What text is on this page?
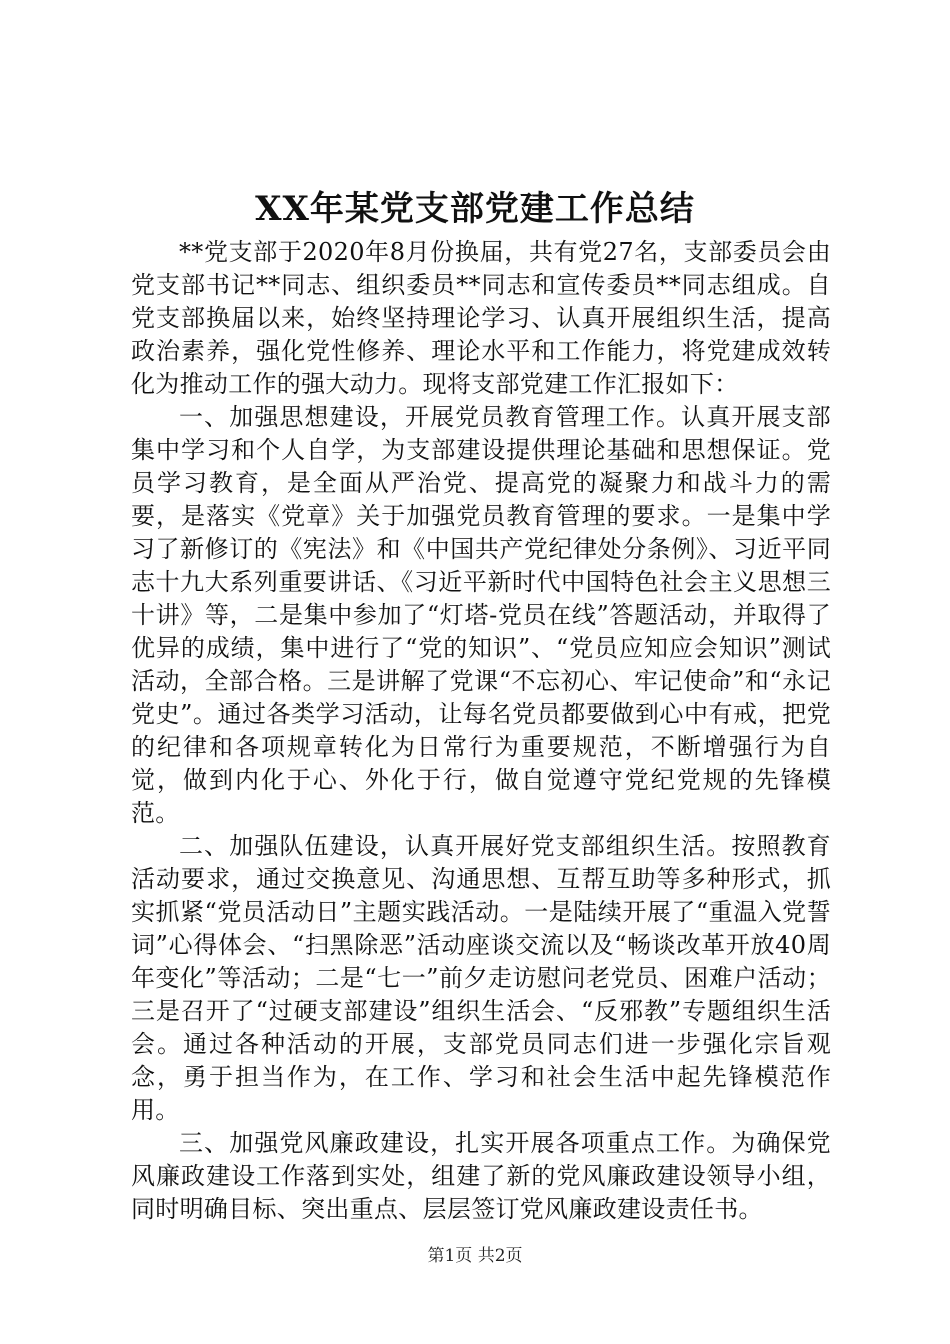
XX年某党支部党建工作总结

**党支部于2020年8月份换届，共有党27名，支部委员会由党支部书记**同志、组织委员**同志和宣传委员**同志组成。自党支部换届以来，始终坚持理论学习、认真开展组织生活，提高政治素养，强化党性修养、理论水平和工作能力，将党建成效转化为推动工作的强大动力。现将支部党建工作汇报如下：

一、加强思想建设，开展党员教育管理工作。认真开展支部集中学习和个人自学，为支部建设提供理论基础和思想保证。党员学习教育，是全面从严治党、提高党的凝聚力和战斗力的需要，是落实《党章》关于加强党员教育管理的要求。一是集中学习了新修订的《宪法》和《中国共产党纪律处分条例》、习近平同志十九大系列重要讲话、《习近平新时代中国特色社会主义思想三十讲》等，二是集中参加了“灯塔-党员在线”答题活动，并取得了优异的成绩，集中进行了“党的知识”、“党员应知应会知识”测试活动，全部合格。三是讲解了党课“不忘初心、牢记使命”和“永记党史”。通过各类学习活动，让每名党员都要做到心中有戒，把党的纪律和各项规章转化为日常行为重要规范，不断增强行为自觉，做到内化于心、外化于行，做自觉遵守党纪党规的先锋模范。

二、加强队伍建设，认真开展好党支部组织生活。按照教育活动要求，通过交换意见、沟通思想、互帮互助等多种形式，抓实抓紧“党员活动日”主题实践活动。一是陆续开展了“重温入党誓词”心得体会、“扫黑除恶”活动座谈交流以及“畅谈改革开放40周年变化”等活动；二是“七一”前夕走访慰问老党员、困难户活动；三是召开了“过硬支部建设”组织生活会、“反邪教”专题组织生活会。通过各种活动的开展，支部党员同志们进一步强化宗旨观念，勇于担当作为，在工作、学习和社会生活中起先锋模范作用。

三、加强党风廉政建设，扎实开展各项重点工作。为确保党风廉政建设工作落到实处，组建了新的党风廉政建设领导小组，同时明确目标、突出重点、层层签订党风廉政建设责任书。

第1页 共2页
